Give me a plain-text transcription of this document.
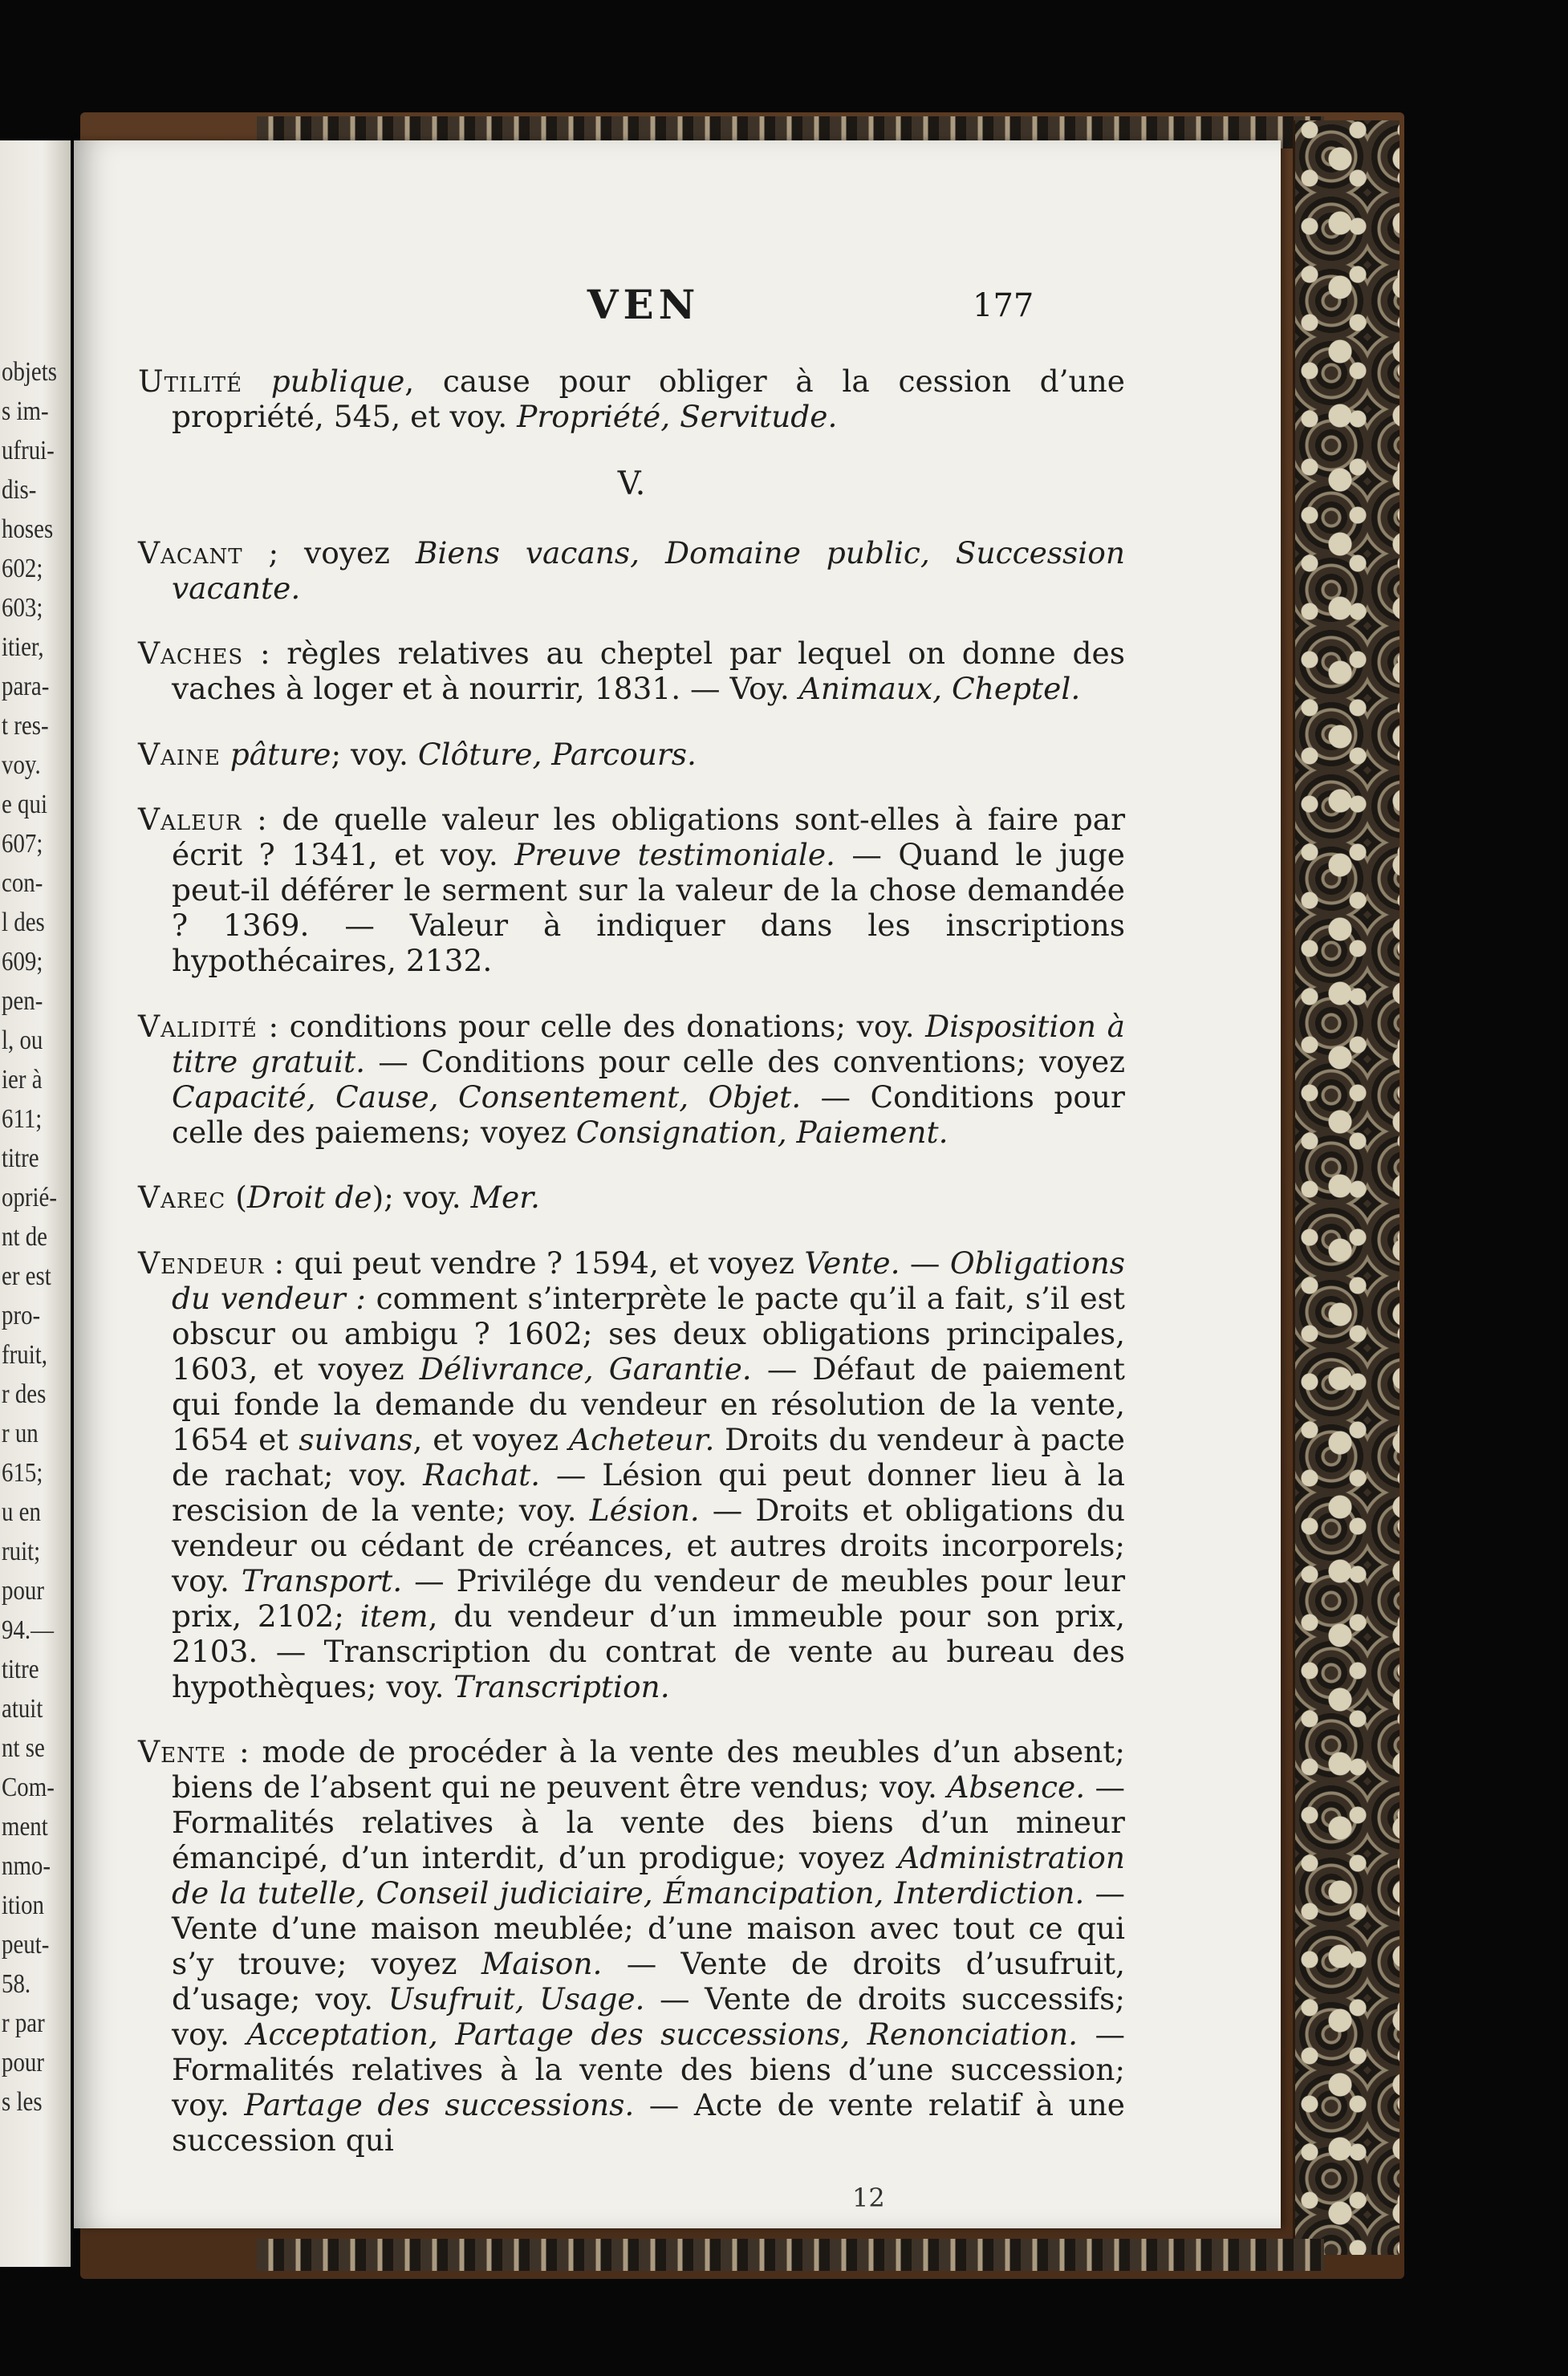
objets
s im-
ufrui-
dis-
hoses
602;
603;
itier,
para-
t res-
voy.
e qui
607;
con-
l des
609;
pen-
l, ou
ier à
611;
titre
oprié-
nt de
er est
pro-
fruit,
r des
r un
615;
u en
ruit;
pour
94.—
titre
atuit
nt se
Com-
ment
nmo-
ition
peut-
58.
r par
pour
s les
VEN	177

Utilité publique, cause pour obliger à la cession d’une propriété, 545, et voy. Propriété, Servitude.

V.

Vacant ; voyez Biens vacans, Domaine public, Succession vacante.

Vaches : règles relatives au cheptel par lequel on donne des vaches à loger et à nourrir, 1831. — Voy. Animaux, Cheptel.

Vaine pâture; voy. Clôture, Parcours.

Valeur : de quelle valeur les obligations sont-elles à faire par écrit ? 1341, et voy. Preuve testimoniale. — Quand le juge peut-il déférer le serment sur la valeur de la chose demandée ? 1369. — Valeur à indiquer dans les inscriptions hypothécaires, 2132.

Validité : conditions pour celle des donations; voy. Disposition à titre gratuit. — Conditions pour celle des conventions; voyez Capacité, Cause, Consentement, Objet. — Conditions pour celle des paiemens; voyez Consignation, Paiement.

Varec (Droit de); voy. Mer.

Vendeur : qui peut vendre ? 1594, et voyez Vente. — Obligations du vendeur : comment s’interprète le pacte qu’il a fait, s’il est obscur ou ambigu ? 1602; ses deux obligations principales, 1603, et voyez Délivrance, Garantie. — Défaut de paiement qui fonde la demande du vendeur en résolution de la vente, 1654 et suivans, et voyez Acheteur. Droits du vendeur à pacte de rachat; voy. Rachat. — Lésion qui peut donner lieu à la rescision de la vente; voy. Lésion. — Droits et obligations du vendeur ou cédant de créances, et autres droits incorporels; voy. Transport. — Privilége du vendeur de meubles pour leur prix, 2102; item, du vendeur d’un immeuble pour son prix, 2103. — Transcription du contrat de vente au bureau des hypothèques; voy. Transcription.

Vente : mode de procéder à la vente des meubles d’un absent; biens de l’absent qui ne peuvent être vendus; voy. Absence. — Formalités relatives à la vente des biens d’un mineur émancipé, d’un interdit, d’un prodigue; voyez Administration de la tutelle, Conseil judiciaire, Émancipation, Interdiction. — Vente d’une maison meublée; d’une maison avec tout ce qui s’y trouve; voyez Maison. — Vente de droits d’usufruit, d’usage; voy. Usufruit, Usage. — Vente de droits successifs; voy. Acceptation, Partage des successions, Renonciation. — Formalités relatives à la vente des biens d’une succession; voy. Partage des successions. — Acte de vente relatif à une succession qui

12
